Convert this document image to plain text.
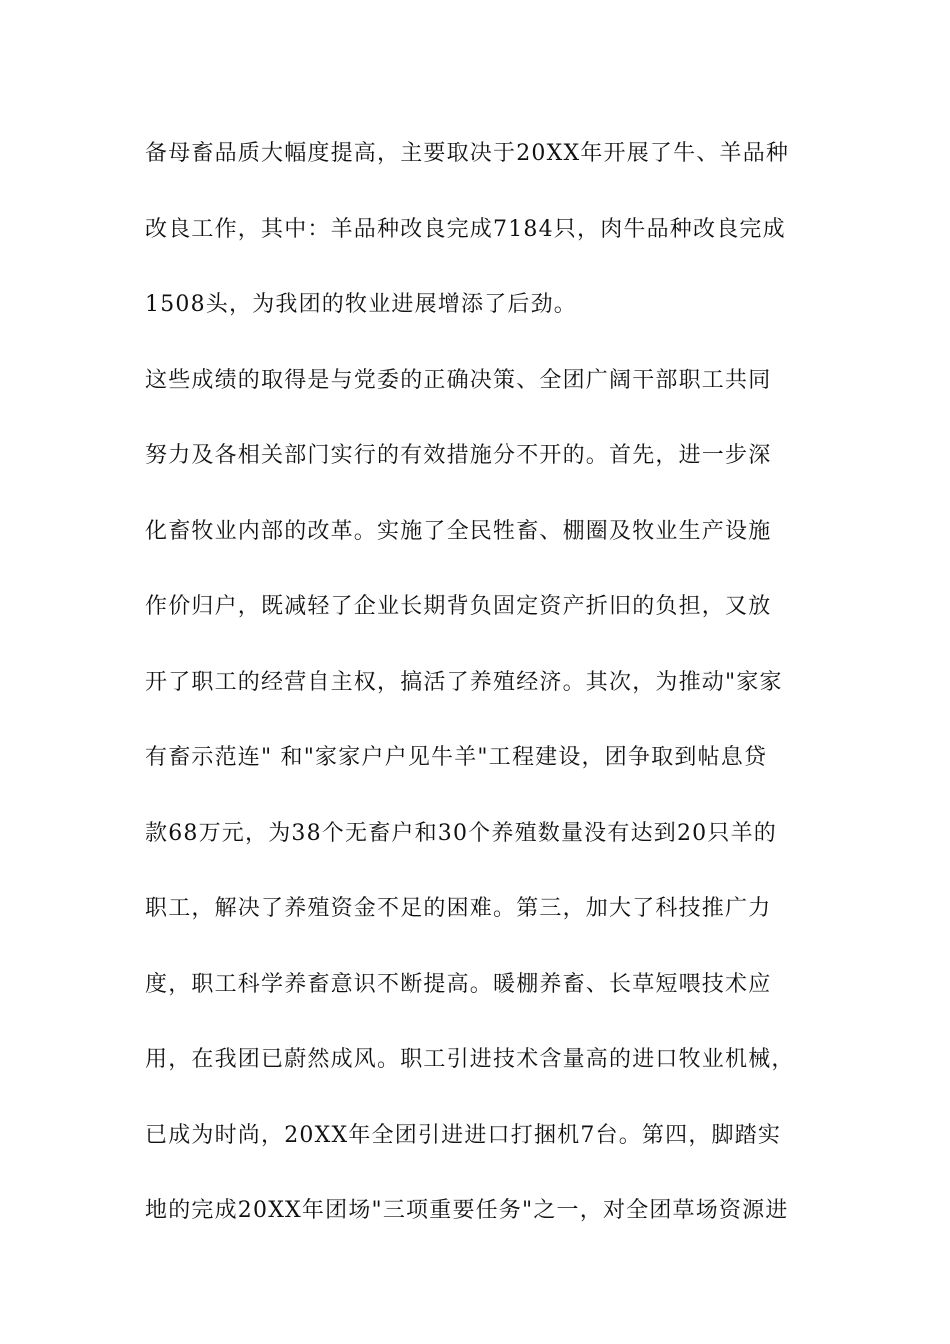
备母畜品质大幅度提高，主要取决于20XX年开展了牛、羊品种
改良工作，其中：羊品种改良完成7184只，肉牛品种改良完成
1508头，为我团的牧业进展增添了后劲。
这些成绩的取得是与党委的正确决策、全团广阔干部职工共同
努力及各相关部门实行的有效措施分不开的。首先，进一步深
化畜牧业内部的改革。实施了全民牲畜、棚圈及牧业生产设施
作价归户，既减轻了企业长期背负固定资产折旧的负担，又放
开了职工的经营自主权，搞活了养殖经济。其次，为推动"家家
有畜示范连" 和"家家户户见牛羊"工程建设，团争取到帖息贷
款68万元，为38个无畜户和30个养殖数量没有达到20只羊的
职工，解决了养殖资金不足的困难。第三，加大了科技推广力
度，职工科学养畜意识不断提高。暖棚养畜、长草短喂技术应
用，在我团已蔚然成风。职工引进技术含量高的进口牧业机械，
已成为时尚，20XX年全团引进进口打捆机7台。第四，脚踏实
地的完成20XX年团场"三项重要任务"之一，对全团草场资源进
